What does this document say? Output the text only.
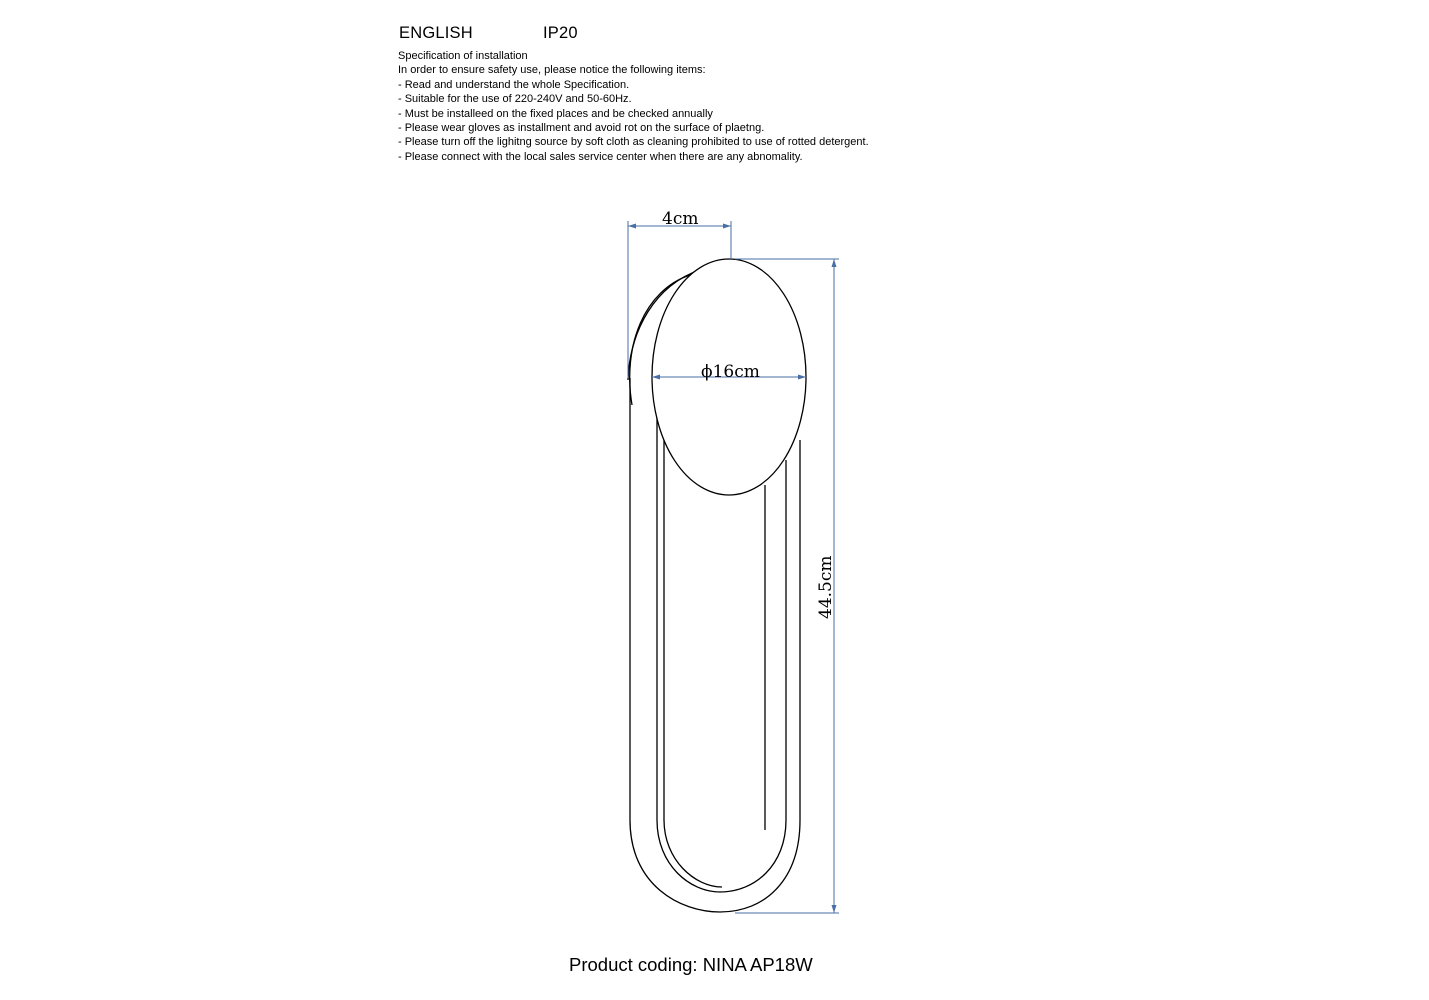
ENGLISH	IP20
Specification of installation
In order to ensure safety use, please notice the following items:
- Read and understand the whole Specification.
- Suitable for the use of 220-240V and 50-60Hz.
- Must be installeed on the fixed places and be checked annually
- Please wear gloves as installment and avoid rot on the surface of plaetng.
- Please turn off the lighitng source by soft cloth as cleaning prohibited to use of rotted detergent.
- Please connect with the local sales service center when there are any abnomality.
4cm
ϕ16cm
44.5cm
Product coding: NINA AP18W
